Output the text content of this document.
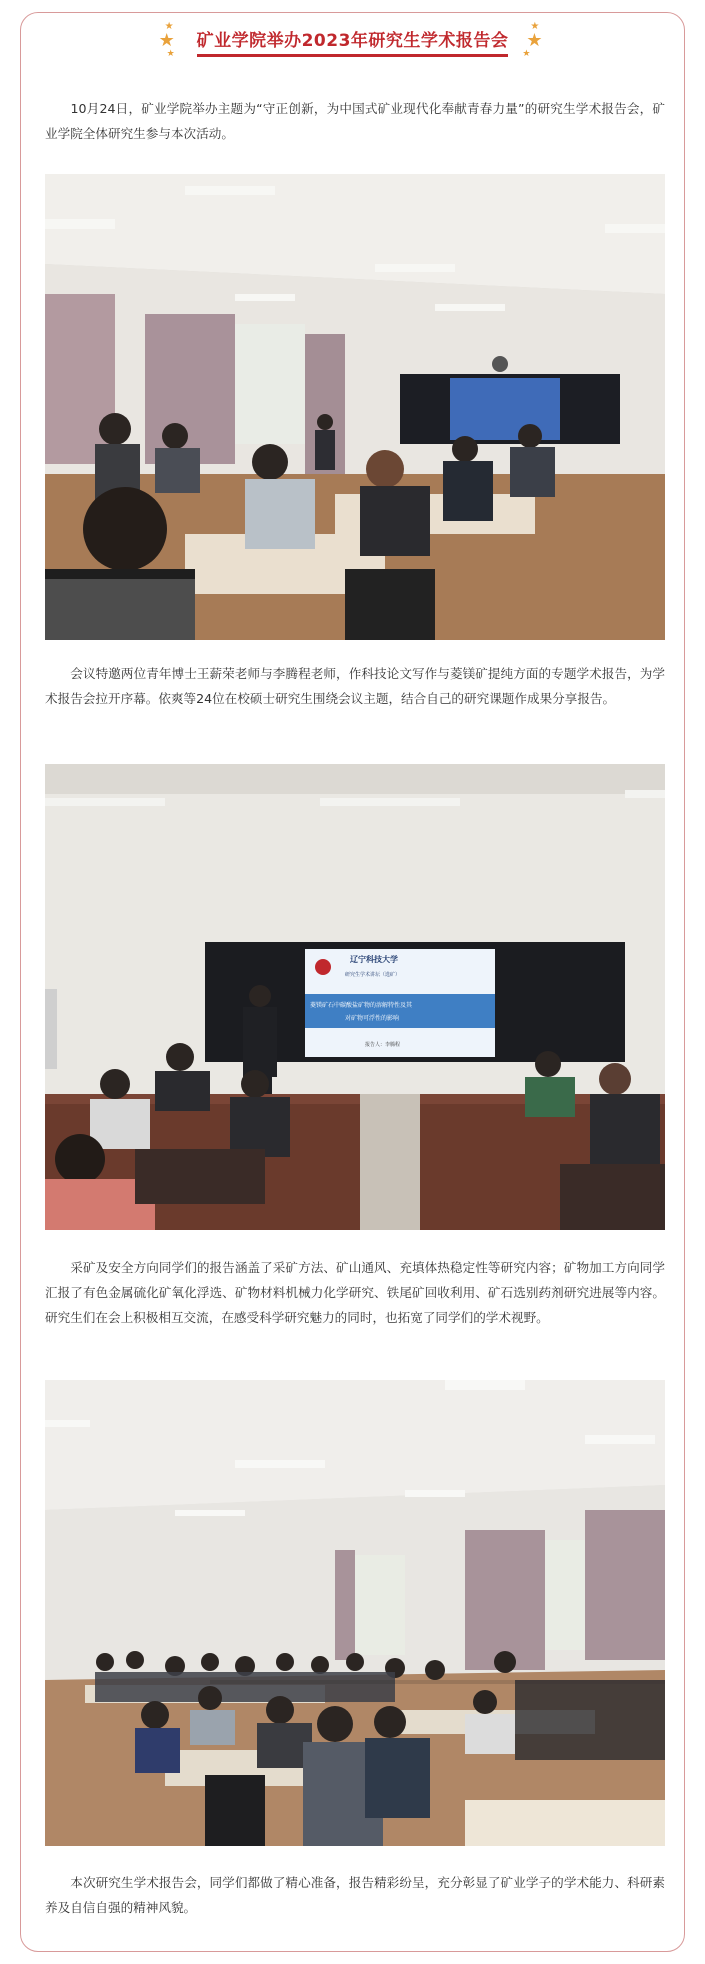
★
★
★
矿业学院举办2023年研究生学术报告会
★
★
★
　　10月24日，矿业学院举办主题为“守正创新，为中国式矿业现代化奉献青春力量”的研究生学术报告会，矿业学院全体研究生参与本次活动。
　　会议特邀两位青年博士王薪荣老师与李腾程老师，作科技论文写作与菱镁矿提纯方面的专题学术报告，为学术报告会拉开序幕。依爽等24位在校硕士研究生围绕会议主题，结合自己的研究课题作成果分享报告。
辽宁科技大学
研究生学术讲坛（选矿）
菱镁矿石中碳酸盐矿物的溶解特性及其
对矿物可浮性的影响
报告人：李腾程
　　采矿及安全方向同学们的报告涵盖了采矿方法、矿山通风、充填体热稳定性等研究内容；矿物加工方向同学汇报了有色金属硫化矿氧化浮选、矿物材料机械力化学研究、铁尾矿回收利用、矿石选别药剂研究进展等内容。研究生们在会上积极相互交流，在感受科学研究魅力的同时，也拓宽了同学们的学术视野。
　　本次研究生学术报告会，同学们都做了精心准备，报告精彩纷呈，充分彰显了矿业学子的学术能力、科研素养及自信自强的精神风貌。
